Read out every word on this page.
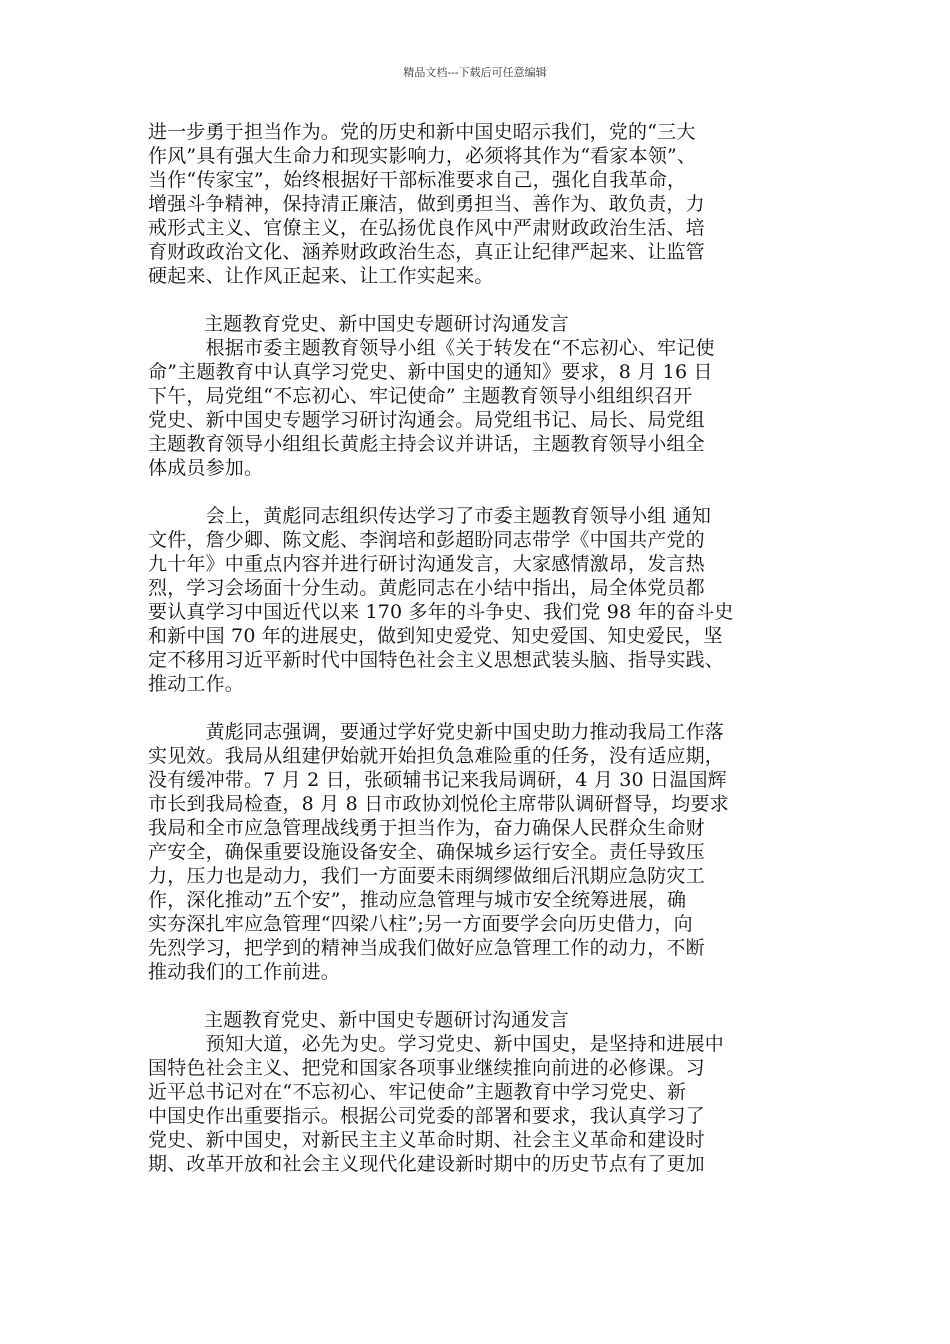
精品文档---下载后可任意编辑
进一步勇于担当作为。党的历史和新中国史昭示我们，党的“三大
作风”具有强大生命力和现实影响力，必须将其作为“看家本领”、
当作“传家宝”，始终根据好干部标准要求自己，强化自我革命，
增强斗争精神，保持清正廉洁，做到勇担当、善作为、敢负责，力
戒形式主义、官僚主义，在弘扬优良作风中严肃财政政治生活、培
育财政政治文化、涵养财政政治生态，真正让纪律严起来、让监管
硬起来、让作风正起来、让工作实起来。
主题教育党史、新中国史专题研讨沟通发言
　　　根据市委主题教育领导小组《关于转发在“不忘初心、牢记使
命”主题教育中认真学习党史、新中国史的通知》要求，8 月 16 日
下午，局党组“不忘初心、牢记使命” 主题教育领导小组组织召开
党史、新中国史专题学习研讨沟通会。局党组书记、局长、局党组
主题教育领导小组组长黄彪主持会议并讲话，主题教育领导小组全
体成员参加。
　　　会上，黄彪同志组织传达学习了市委主题教育领导小组 通知
文件，詹少卿、陈文彪、李润培和彭超盼同志带学《中国共产党的
九十年》中重点内容并进行研讨沟通发言，大家感情激昂，发言热
烈，学习会场面十分生动。黄彪同志在小结中指出，局全体党员都
要认真学习中国近代以来 170 多年的斗争史、我们党 98 年的奋斗史
和新中国 70 年的进展史，做到知史爱党、知史爱国、知史爱民，坚
定不移用习近平新时代中国特色社会主义思想武装头脑、指导实践、
推动工作。
　　　黄彪同志强调，要通过学好党史新中国史助力推动我局工作落
实见效。我局从组建伊始就开始担负急难险重的任务，没有适应期，
没有缓冲带。7 月 2 日，张硕辅书记来我局调研，4 月 30 日温国辉
市长到我局检查，8 月 8 日市政协刘悦伦主席带队调研督导，均要求
我局和全市应急管理战线勇于担当作为，奋力确保人民群众生命财
产安全，确保重要设施设备安全、确保城乡运行安全。责任导致压
力，压力也是动力，我们一方面要未雨绸缪做细后汛期应急防灾工
作，深化推动”五个安”，推动应急管理与城市安全统筹进展，确
实夯深扎牢应急管理“四梁八柱”;另一方面要学会向历史借力，向
先烈学习，把学到的精神当成我们做好应急管理工作的动力，不断
推动我们的工作前进。
主题教育党史、新中国史专题研讨沟通发言
　　　预知大道，必先为史。学习党史、新中国史，是坚持和进展中
国特色社会主义、把党和国家各项事业继续推向前进的必修课。习
近平总书记对在“不忘初心、牢记使命”主题教育中学习党史、新
中国史作出重要指示。根据公司党委的部署和要求，我认真学习了
党史、新中国史，对新民主主义革命时期、社会主义革命和建设时
期、改革开放和社会主义现代化建设新时期中的历史节点有了更加
